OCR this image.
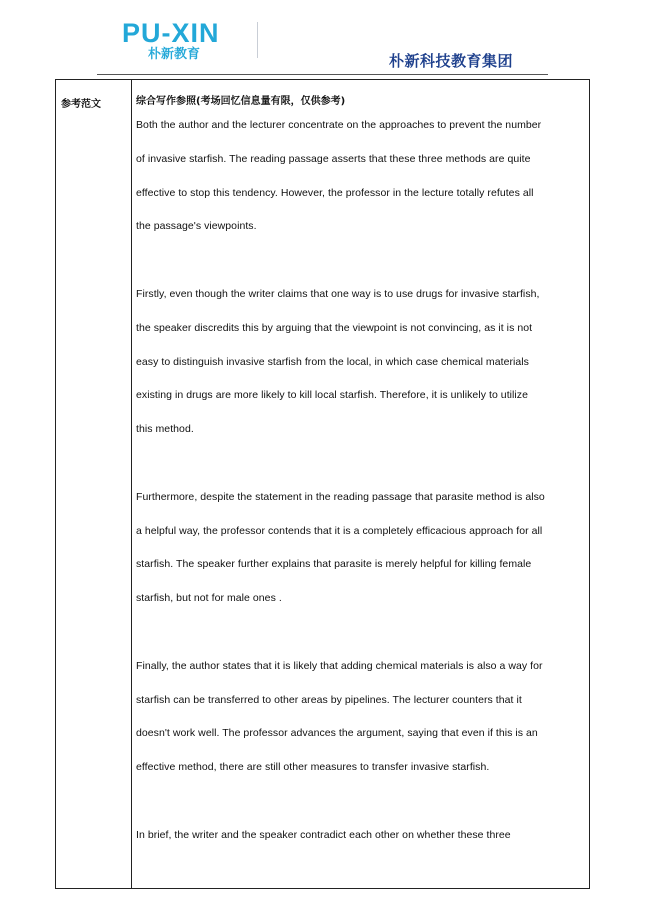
PU-XIN
朴新教育	朴新科技教育集团
参考范文	综合写作参照(考场回忆信息量有限，仅供参考)

Both the author and the lecturer concentrate on the approaches to prevent the number
of invasive starfish. The reading passage asserts that these three methods are quite
effective to stop this tendency. However, the professor in the lecture totally refutes all
the passage's viewpoints.

Firstly, even though the writer claims that one way is to use drugs for invasive starfish,
the speaker discredits this by arguing that the viewpoint is not convincing, as it is not
easy to distinguish invasive starfish from the local, in which case chemical materials
existing in drugs are more likely to kill local starfish. Therefore, it is unlikely to utilize
this method.

Furthermore, despite the statement in the reading passage that parasite method is also
a helpful way, the professor contends that it is a completely efficacious approach for all
starfish. The speaker further explains that parasite is merely helpful for killing female
starfish, but not for male ones .

Finally, the author states that it is likely that adding chemical materials is also a way for
starfish can be transferred to other areas by pipelines. The lecturer counters that it
doesn't work well. The professor advances the argument, saying that even if this is an
effective method, there are still other measures to transfer invasive starfish.

In brief, the writer and the speaker contradict each other on whether these three
